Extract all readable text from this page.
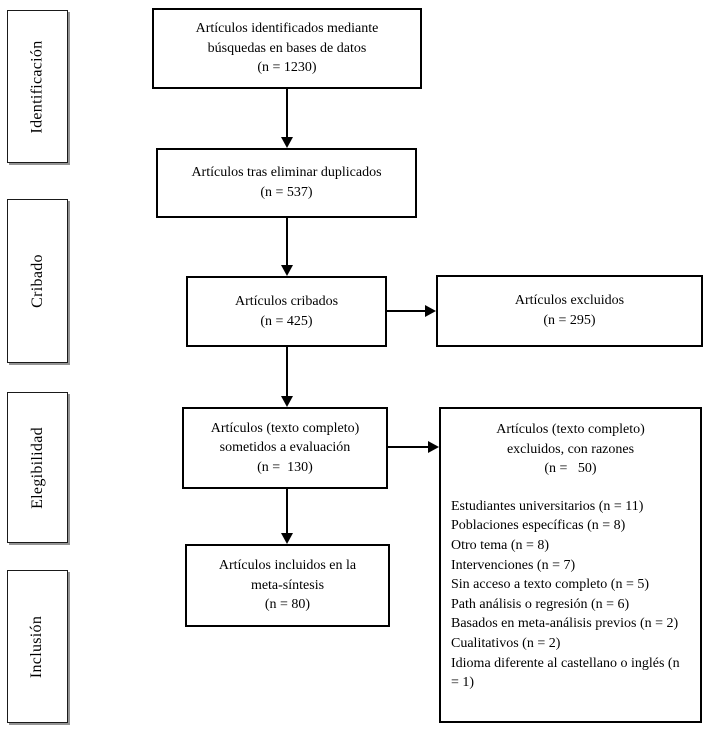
Identificación
Cribado
Elegibilidad
Inclusión
Artículos identificados mediante
búsquedas en bases de datos
(n = 1230)
Artículos tras eliminar duplicados
(n = 537)
Artículos cribados
(n = 425)
Artículos excluidos
(n = 295)
Artículos (texto completo)
sometidos a evaluación
(n =  130)
Artículos (texto completo)
excluidos, con razones
(n =   50)
Estudiantes universitarios (n = 11)
Poblaciones específicas (n = 8)
Otro tema (n = 8)
Intervenciones (n = 7)
Sin acceso a texto completo (n = 5)
Path análisis o regresión (n = 6)
Basados en meta-análisis previos (n = 2)
Cualitativos (n = 2)
Idioma diferente al castellano o inglés (n = 1)
Artículos incluidos en la
meta-síntesis
(n = 80)
